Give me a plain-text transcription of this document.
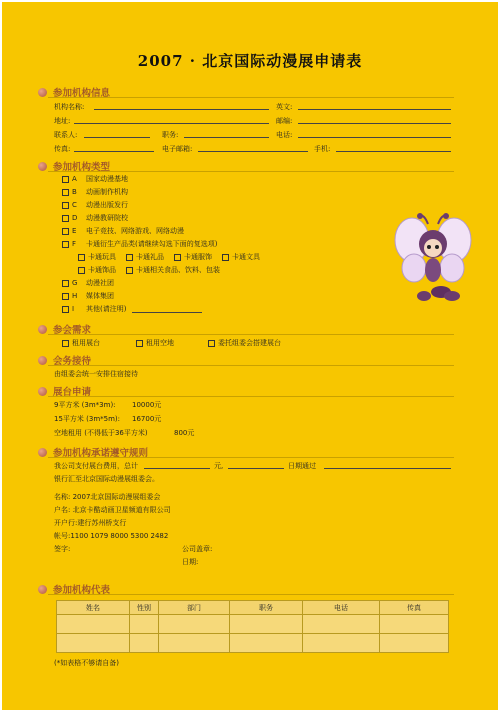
2007 · 北京国际动漫展申请表
参加机构信息
机构名称:	英文:
地址:	邮编:
联系人:	职务:	电话:
传真:	电子邮箱:	手机:
参加机构类型
A	国家动漫基地
B	动画制作机构
C	动漫出版发行
D	动漫教研院校
E	电子竞技、网络游戏、网络动漫
F	卡通衍生产品类(请继续勾选下面的复选项)
卡通玩具	卡通礼品	卡通服饰	卡通文具
卡通饰品	卡通相关食品、饮料、包装
G	动漫社团
H	媒体集团
I	其他(请注明)
参会需求
租用展台	租用空地	委托组委会搭建展台
会务接待
由组委会统一安排住宿接待
展台申请
9平方米 (3m*3m): 10000元
15平方米 (3m*5m): 16700元
空地租用 (不得低于36平方米)	800元
参加机构承诺遵守规则
我公司支付展台费用，总计	元,	日期通过
银行汇至北京国际动漫展组委会。
名称: 2007北京国际动漫展组委会
户名: 北京卡酷动画卫星频道有限公司
开户行:建行苏州桥支行
帐号:1100 1079 8000 5300 2482
签字:	公司盖章:
日期:
参加机构代表
姓名	性别	部门	职务	电话	传真

(*如表格不够请自备)
